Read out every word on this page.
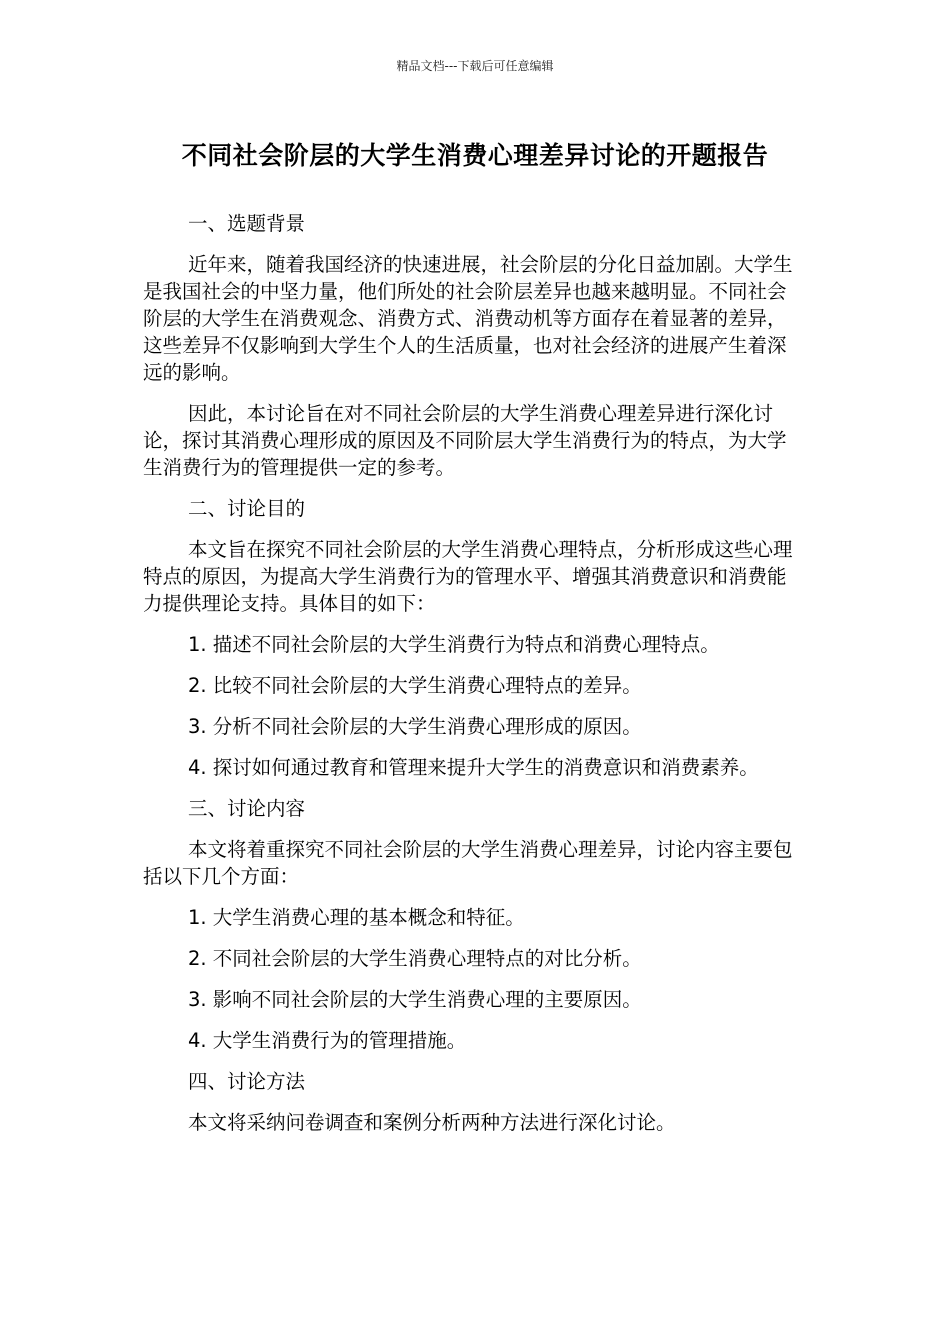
精品文档---下载后可任意编辑
不同社会阶层的大学生消费心理差异讨论的开题报告

一、选题背景

近年来，随着我国经济的快速进展，社会阶层的分化日益加剧。大学生是我国社会的中坚力量，他们所处的社会阶层差异也越来越明显。不同社会阶层的大学生在消费观念、消费方式、消费动机等方面存在着显著的差异，这些差异不仅影响到大学生个人的生活质量，也对社会经济的进展产生着深远的影响。

因此，本讨论旨在对不同社会阶层的大学生消费心理差异进行深化讨论，探讨其消费心理形成的原因及不同阶层大学生消费行为的特点，为大学生消费行为的管理提供一定的参考。

二、讨论目的

本文旨在探究不同社会阶层的大学生消费心理特点，分析形成这些心理特点的原因，为提高大学生消费行为的管理水平、增强其消费意识和消费能力提供理论支持。具体目的如下：

1. 描述不同社会阶层的大学生消费行为特点和消费心理特点。

2. 比较不同社会阶层的大学生消费心理特点的差异。

3. 分析不同社会阶层的大学生消费心理形成的原因。

4. 探讨如何通过教育和管理来提升大学生的消费意识和消费素养。

三、讨论内容

本文将着重探究不同社会阶层的大学生消费心理差异，讨论内容主要包括以下几个方面：

1. 大学生消费心理的基本概念和特征。

2. 不同社会阶层的大学生消费心理特点的对比分析。

3. 影响不同社会阶层的大学生消费心理的主要原因。

4. 大学生消费行为的管理措施。

四、讨论方法

本文将采纳问卷调查和案例分析两种方法进行深化讨论。
